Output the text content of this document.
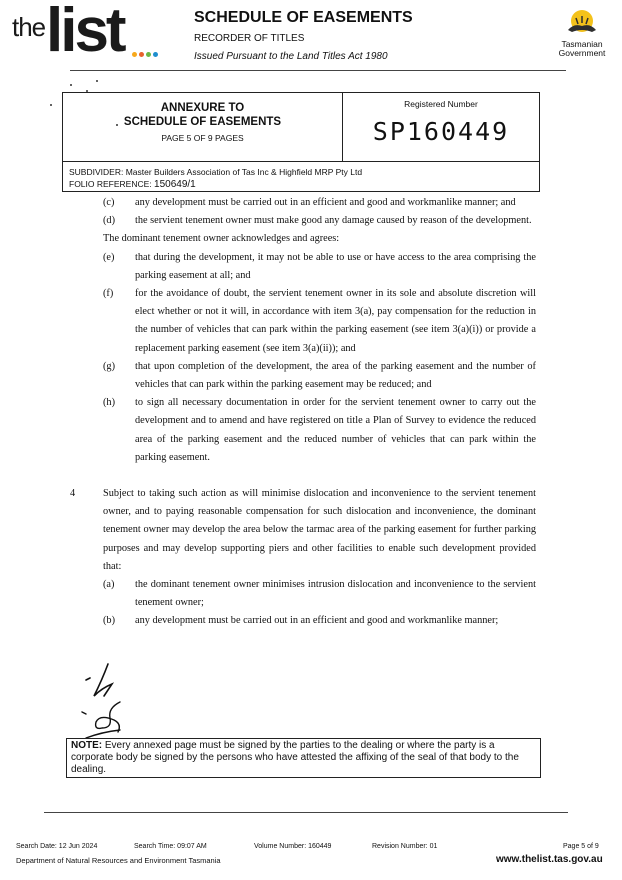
the list	SCHEDULE OF EASEMENTS
RECORDER OF TITLES
Issued Pursuant to the Land Titles Act 1980
Tasmanian
Government
ANNEXURE TO
SCHEDULE OF EASEMENTS
PAGE 5 OF 9 PAGES
Registered Number
SP160449
SUBDIVIDER: Master Builders Association of Tas Inc & Highfield MRP Pty Ltd
FOLIO REFERENCE: 150649/1
(c) any development must be carried out in an efficient and good and workmanlike manner; and
(d) the servient tenement owner must make good any damage caused by reason of the development.
The dominant tenement owner acknowledges and agrees:
(e) that during the development, it may not be able to use or have access to the area comprising the parking easement at all; and
(f) for the avoidance of doubt, the servient tenement owner in its sole and absolute discretion will elect whether or not it will, in accordance with item 3(a), pay compensation for the reduction in the number of vehicles that can park within the parking easement (see item 3(a)(i)) or provide a replacement parking easement (see item 3(a)(ii)); and
(g) that upon completion of the development, the area of the parking easement and the number of vehicles that can park within the parking easement may be reduced; and
(h) to sign all necessary documentation in order for the servient tenement owner to carry out the development and to amend and have registered on title a Plan of Survey to evidence the reduced area of the parking easement and the reduced number of vehicles that can park within the parking easement.
4	Subject to taking such action as will minimise dislocation and inconvenience to the servient tenement owner, and to paying reasonable compensation for such dislocation and inconvenience, the dominant tenement owner may develop the area below the tarmac area of the parking easement for further parking purposes and may develop supporting piers and other facilities to enable such development provided that:
(a) the dominant tenement owner minimises intrusion dislocation and inconvenience to the servient tenement owner;
(b) any development must be carried out in an efficient and good and workmanlike manner;
NOTE: Every annexed page must be signed by the parties to the dealing or where the party is a corporate body be signed by the persons who have attested the affixing of the seal of that body to the dealing.
Search Date: 12 Jun 2024	Search Time: 09:07 AM	Volume Number: 160449	Revision Number: 01	Page 5 of 9
Department of Natural Resources and Environment Tasmania	www.thelist.tas.gov.au
